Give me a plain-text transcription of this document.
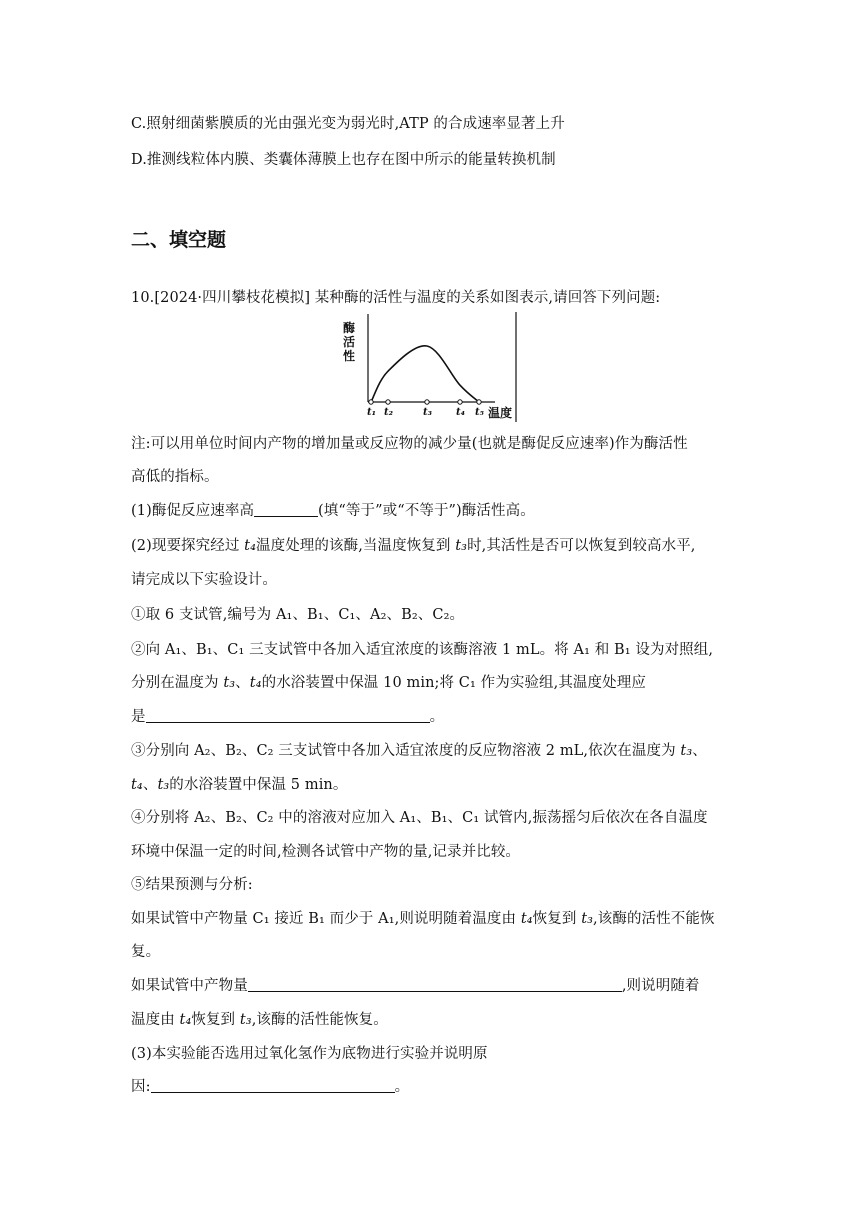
C.照射细菌紫膜质的光由强光变为弱光时,ATP 的合成速率显著上升
D.推测线粒体内膜、类囊体薄膜上也存在图中所示的能量转换机制
二、填空题
10.[2024·四川攀枝花模拟] 某种酶的活性与温度的关系如图表示,请回答下列问题:
酶活性
t₁ t₂	t₃ t₄ t₅ 温度
注:可以用单位时间内产物的增加量或反应物的减少量(也就是酶促反应速率)作为酶活性
高低的指标。
(1)酶促反应速率高	(填“等于”或“不等于”)酶活性高。
(2)现要探究经过 t₄温度处理的该酶,当温度恢复到 t₃时,其活性是否可以恢复到较高水平,
请完成以下实验设计。
①取 6 支试管,编号为 A₁、B₁、C₁、A₂、B₂、C₂。
②向 A₁、B₁、C₁ 三支试管中各加入适宜浓度的该酶溶液 1 mL。将 A₁ 和 B₁ 设为对照组,
分别在温度为 t₃、t₄的水浴装置中保温 10 min;将 C₁ 作为实验组,其温度处理应
是	。
③分别向 A₂、B₂、C₂ 三支试管中各加入适宜浓度的反应物溶液 2 mL,依次在温度为 t₃、
t₄、t₃的水浴装置中保温 5 min。
④分别将 A₂、B₂、C₂ 中的溶液对应加入 A₁、B₁、C₁ 试管内,振荡摇匀后依次在各自温度
环境中保温一定的时间,检测各试管中产物的量,记录并比较。
⑤结果预测与分析:
如果试管中产物量 C₁ 接近 B₁ 而少于 A₁,则说明随着温度由 t₄恢复到 t₃,该酶的活性不能恢
复。
如果试管中产物量	,则说明随着
温度由 t₄恢复到 t₃,该酶的活性能恢复。
(3)本实验能否选用过氧化氢作为底物进行实验并说明原
因:	。
